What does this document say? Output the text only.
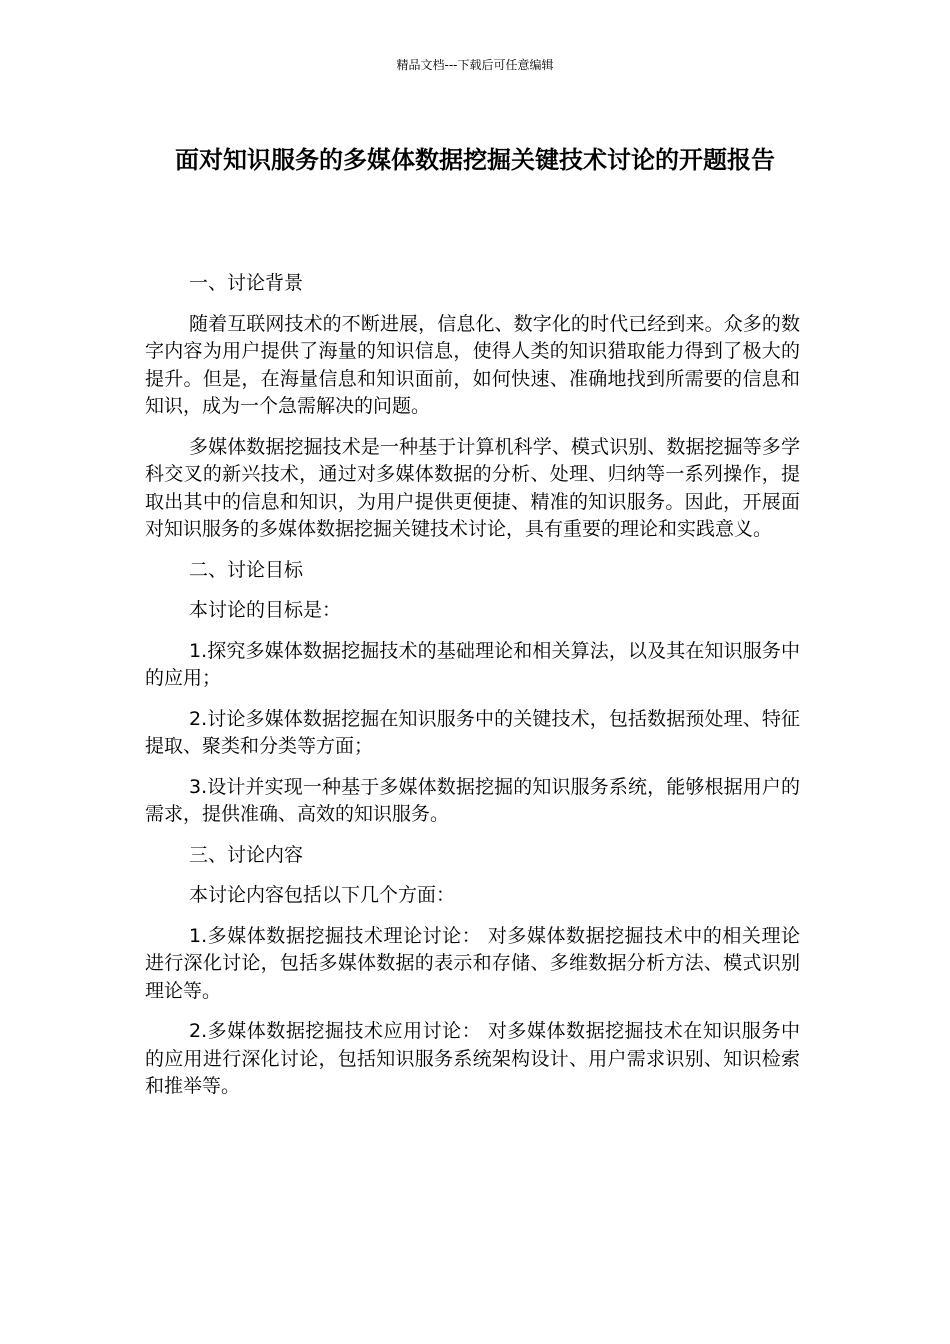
精品文档---下载后可任意编辑
面对知识服务的多媒体数据挖掘关键技术讨论的开题报告

一、讨论背景

随着互联网技术的不断进展，信息化、数字化的时代已经到来。众多的数字内容为用户提供了海量的知识信息，使得人类的知识猎取能力得到了极大的提升。但是，在海量信息和知识面前，如何快速、准确地找到所需要的信息和知识，成为一个急需解决的问题。

多媒体数据挖掘技术是一种基于计算机科学、模式识别、数据挖掘等多学科交叉的新兴技术，通过对多媒体数据的分析、处理、归纳等一系列操作，提取出其中的信息和知识，为用户提供更便捷、精准的知识服务。因此，开展面对知识服务的多媒体数据挖掘关键技术讨论，具有重要的理论和实践意义。

二、讨论目标

本讨论的目标是：

1.探究多媒体数据挖掘技术的基础理论和相关算法，以及其在知识服务中的应用；

2.讨论多媒体数据挖掘在知识服务中的关键技术，包括数据预处理、特征提取、聚类和分类等方面；

3.设计并实现一种基于多媒体数据挖掘的知识服务系统，能够根据用户的需求，提供准确、高效的知识服务。

三、讨论内容

本讨论内容包括以下几个方面：

1.多媒体数据挖掘技术理论讨论： 对多媒体数据挖掘技术中的相关理论进行深化讨论，包括多媒体数据的表示和存储、多维数据分析方法、模式识别理论等。

2.多媒体数据挖掘技术应用讨论： 对多媒体数据挖掘技术在知识服务中的应用进行深化讨论，包括知识服务系统架构设计、用户需求识别、知识检索和推举等。
